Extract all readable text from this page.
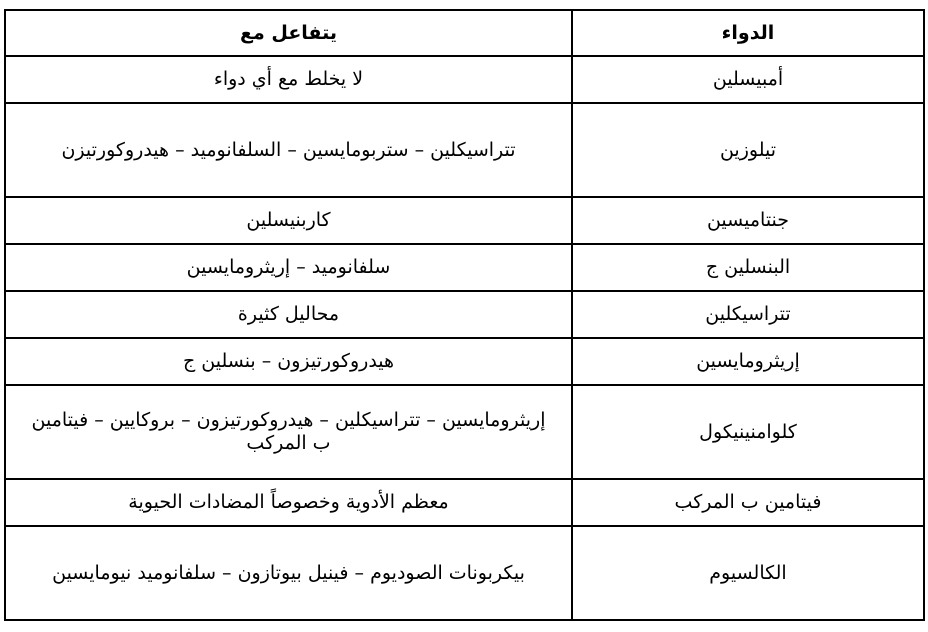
الدواء	يتفاعل مع
أمبيسلين	لا يخلط مع أي دواء
تيلوزين	تتراسيكلين – ستربومايسين – السلفانوميد – هيدروكورتيزن
جنتاميسين	كاربنيسلين
البنسلين ج	سلفانوميد – إريثرومايسين
تتراسيكلين	محاليل كثيرة
إريثرومايسين	هيدروكورتيزون – بنسلين ج
كلوامنينيكول	إريثرومايسين – تتراسيكلين – هيدروكورتيزون – بروكايين – فيتامين ب المركب
فيتامين ب المركب	معظم الأدوية وخصوصاً المضادات الحيوية
الكالسيوم	بيكربونات الصوديوم – فينيل بيوتازون – سلفانوميد نيومايسين
